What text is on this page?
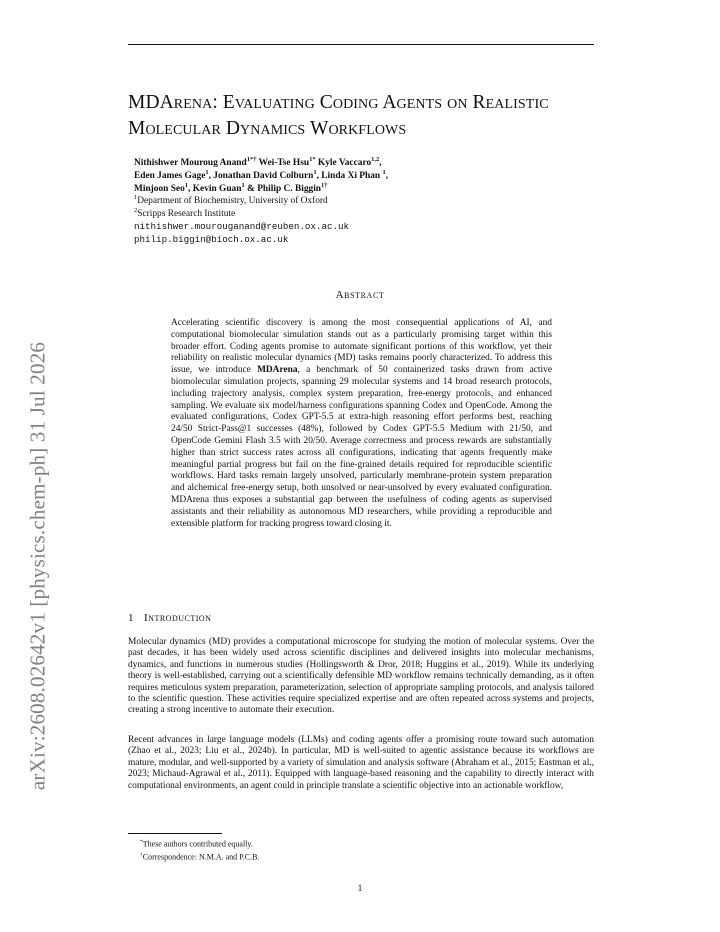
arXiv:2608.02642v1 [physics.chem-ph] 31 Jul 2026
MDArena: Evaluating Coding Agents on Realistic Molecular Dynamics Workflows
Nithishwer Mouroug Anand$^{1*\dagger}$ Wei-Tse Hsu$^{1*}$ Kyle Vaccaro$^{1,2}$,
Eden James Gage$^1$, Jonathan David Colburn$^1$, Linda Xi Phan $^1$,
Minjoon Seo$^1$, Kevin Guan$^1$ & Philip C. Biggin$^{1\dagger}$
$^1$Department of Biochemistry, University of Oxford
$^2$Scripps Research Institute
nithishwer.mourouganand@reuben.ox.ac.uk
philip.biggin@bioch.ox.ac.uk
Abstract

Accelerating scientific discovery is among the most consequential applications of AI, and computational biomolecular simulation stands out as a particularly promising target within this broader effort. Coding agents promise to automate significant portions of this workflow, yet their reliability on realistic molecular dynamics (MD) tasks remains poorly characterized. To address this issue, we introduce MDArena, a benchmark of 50 containerized tasks drawn from active biomolecular simulation projects, spanning 29 molecular systems and 14 broad research protocols, including trajectory analysis, complex system preparation, free-energy protocols, and enhanced sampling. We evaluate six model/harness configurations spanning Codex and OpenCode. Among the evaluated configurations, Codex GPT-5.5 at extra-high reasoning effort performs best, reaching 24/50 Strict-Pass@1 successes (48%), followed by Codex GPT-5.5 Medium with 21/50, and OpenCode Gemini Flash 3.5 with 20/50. Average correctness and process rewards are substantially higher than strict success rates across all configurations, indicating that agents frequently make meaningful partial progress but fail on the fine-grained details required for reproducible scientific workflows. Hard tasks remain largely unsolved, particularly membrane-protein system preparation and alchemical free-energy setup, both unsolved or near-unsolved by every evaluated configuration. MDArena thus exposes a substantial gap between the usefulness of coding agents as supervised assistants and their reliability as autonomous MD researchers, while providing a reproducible and extensible platform for tracking progress toward closing it.

1 Introduction

Molecular dynamics (MD) provides a computational microscope for studying the motion of molecular systems. Over the past decades, it has been widely used across scientific disciplines and delivered insights into molecular mechanisms, dynamics, and functions in numerous studies (Hollingsworth & Dror, 2018; Huggins et al., 2019). While its underlying theory is well-established, carrying out a scientifically defensible MD workflow remains technically demanding, as it often requires meticulous system preparation, parameterization, selection of appropriate sampling protocols, and analysis tailored to the scientific question. These activities require specialized expertise and are often repeated across systems and projects, creating a strong incentive to automate their execution.

Recent advances in large language models (LLMs) and coding agents offer a promising route toward such automation (Zhao et al., 2023; Liu et al., 2024b). In particular, MD is well-suited to agentic assistance because its workflows are mature, modular, and well-supported by a variety of simulation and analysis software (Abraham et al., 2015; Eastman et al., 2023; Michaud-Agrawal et al., 2011). Equipped with language-based reasoning and the capability to directly interact with computational environments, an agent could in principle translate a scientific objective into an actionable workflow,

*These authors contributed equally.
†Correspondence: N.M.A. and P.C.B.
1
